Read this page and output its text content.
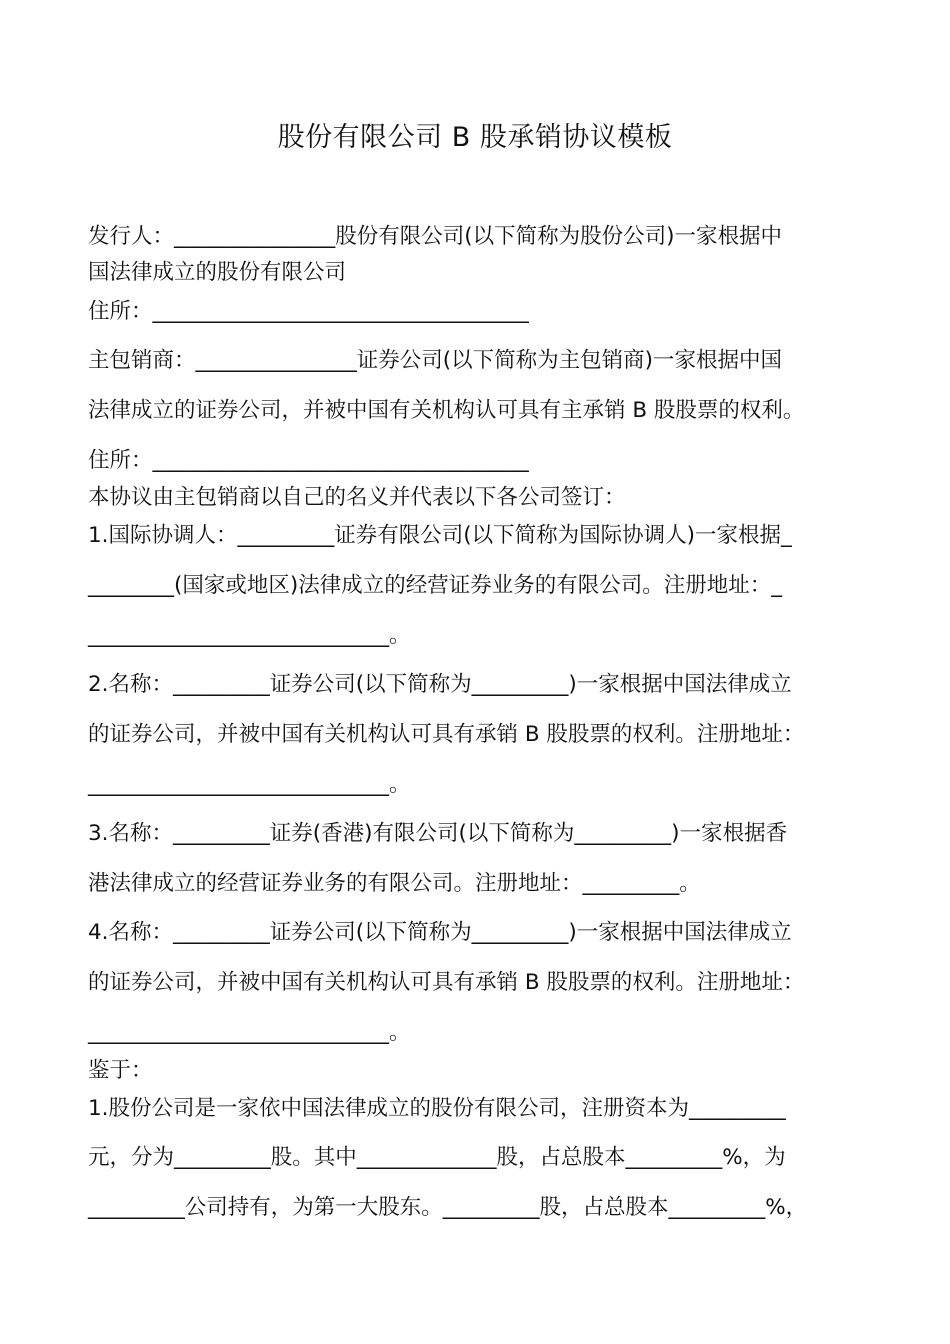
股份有限公司 B 股承销协议模板
发行人：_______________股份有限公司(以下简称为股份公司)一家根据中
国法律成立的股份有限公司
住所：___________________________________
主包销商：_______________证券公司(以下简称为主包销商)一家根据中国
法律成立的证券公司，并被中国有关机构认可具有主承销 B 股股票的权利。
住所：___________________________________
本协议由主包销商以自己的名义并代表以下各公司签订：
1.国际协调人：_________证券有限公司(以下简称为国际协调人)一家根据_
________(国家或地区)法律成立的经营证券业务的有限公司。注册地址：_
____________________________。
2.名称：_________证券公司(以下简称为_________)一家根据中国法律成立
的证券公司，并被中国有关机构认可具有承销 B 股股票的权利。注册地址：
____________________________。
3.名称：_________证券(香港)有限公司(以下简称为_________)一家根据香
港法律成立的经营证券业务的有限公司。注册地址：_________。
4.名称：_________证券公司(以下简称为_________)一家根据中国法律成立
的证券公司，并被中国有关机构认可具有承销 B 股股票的权利。注册地址：
____________________________。
鉴于：
1.股份公司是一家依中国法律成立的股份有限公司，注册资本为_________
元，分为_________股。其中_____________股，占总股本_________%，为
_________公司持有，为第一大股东。_________股，占总股本_________%，
